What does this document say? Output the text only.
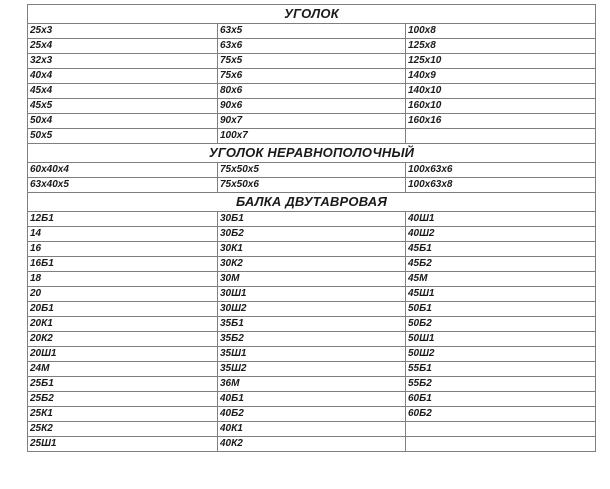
УГОЛОК		
25x3	63x5	100x8
25x4	63x6	125x8
32x3	75x5	125x10
40x4	75x6	140x9
45x4	80x6	140x10
45x5	90x6	160x10
50x4	90x7	160x16
50x5	100x7	
УГОЛОК НЕРАВНОПОЛОЧНЫЙ		
60x40x4	75x50x5	100x63x6
63x40x5	75x50x6	100x63x8
БАЛКА ДВУТАВРОВАЯ		
12Б1	30Б1	40Ш1
14	30Б2	40Ш2
16	30К1	45Б1
16Б1	30К2	45Б2
18	30М	45М
20	30Ш1	45Ш1
20Б1	30Ш2	50Б1
20К1	35Б1	50Б2
20К2	35Б2	50Ш1
20Ш1	35Ш1	50Ш2
24М	35Ш2	55Б1
25Б1	36М	55Б2
25Б2	40Б1	60Б1
25К1	40Б2	60Б2
25К2	40К1	
25Ш1	40К2	
